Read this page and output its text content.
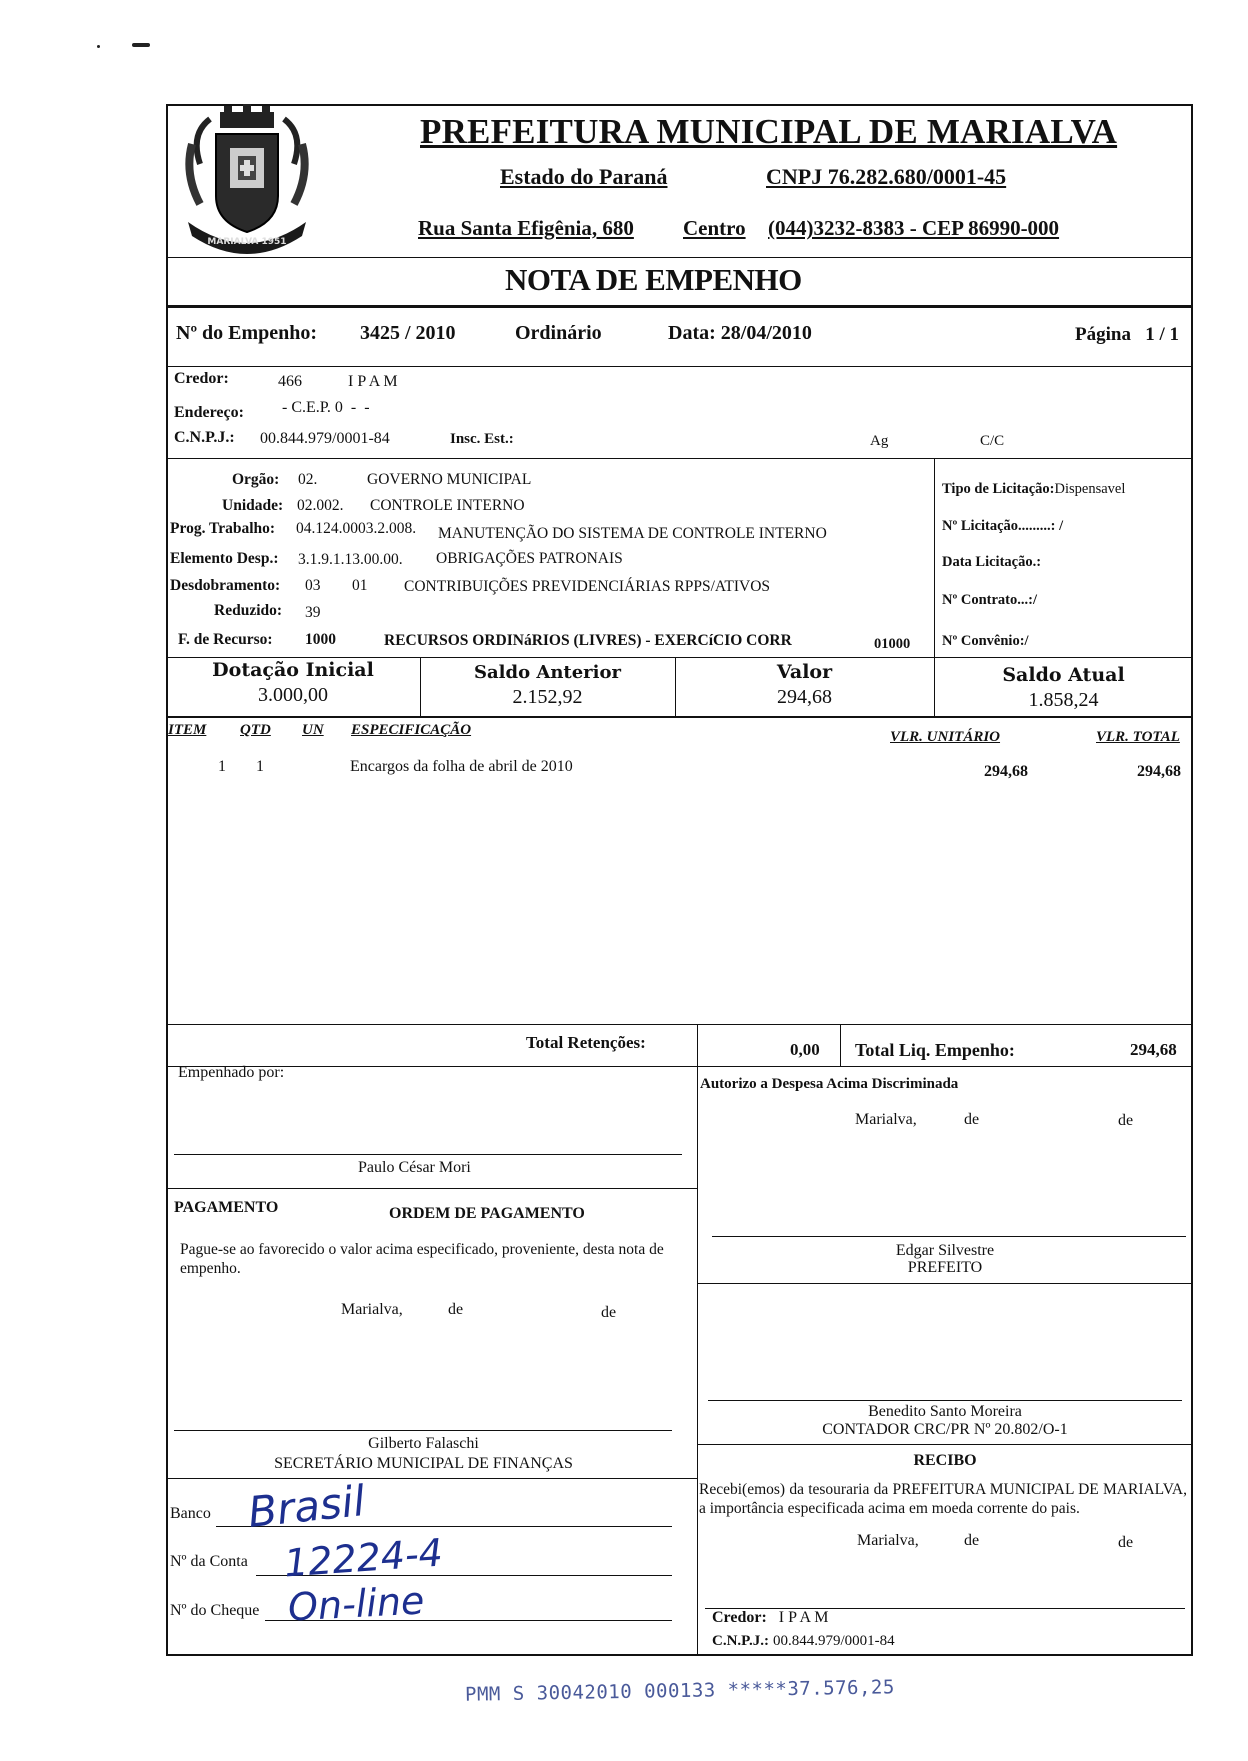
MARIALVA 1951
PREFEITURA MUNICIPAL DE MARIALVA
Estado do Paraná	CNPJ 76.282.680/0001-45
Rua Santa Efigênia, 680 Centro (044)3232-8383 - CEP 86990-000
NOTA DE EMPENHO
Nº do Empenho: 3425 / 2010	Ordinário	Data: 28/04/2010	Página   1 / 1
Credor:	466	I P A M
Endereço: - C.E.P. 0  -  -
C.N.P.J.: 00.844.979/0001-84	Insc. Est.:	Ag	C/C
Orgão: 02.	GOVERNO MUNICIPAL
Unidade: 02.002. CONTROLE INTERNO
Prog. Trabalho: 04.124.0003.2.008. MANUTENÇÃO DO SISTEMA DE CONTROLE INTERNO
Elemento Desp.: 3.1.9.1.13.00.00. OBRIGAÇÕES PATRONAIS
Desdobramento: 03 01 CONTRIBUIÇÕES PREVIDENCIÁRIAS RPPS/ATIVOS
Reduzido: 39
F. de Recurso: 1000	RECURSOS ORDINáRIOS (LIVRES) - EXERCíCIO CORR	01000
Tipo de Licitação:Dispensavel
Nº Licitação.........: /
Data Licitação.:
Nº Contrato...:/
Nº Convênio:/
Dotação Inicial
3.000,00
Saldo Anterior
2.152,92
Valor
294,68
Saldo Atual
1.858,24
ITEM QTD UN ESPECIFICAÇÃO	VLR. UNITÁRIO	VLR. TOTAL
1 1	Encargos da folha de abril de 2010	294,68	294,68
Total Retenções:	0,00 Total Liq. Empenho:	294,68
Empenhado por:
Paulo César Mori
Autorizo a Despesa Acima Discriminada
Marialva,	de	de
PAGAMENTO	ORDEM DE PAGAMENTO
Pague-se ao favorecido o valor acima especificado, proveniente, desta nota de empenho.
Marialva,	de	de
Edgar Silvestre
PREFEITO
Benedito Santo Moreira
CONTADOR CRC/PR Nº 20.802/O-1
Gilberto Falaschi
SECRETÁRIO MUNICIPAL DE FINANÇAS	RECIBO
Recebi(emos) da tesouraria da PREFEITURA MUNICIPAL DE MARIALVA, a importância especificada acima em moeda corrente do pais.
Marialva,	de	de
Banco Brasil
Nº da Conta 12224-4
Nº do Cheque On-line	Credor: I P A M
C.N.P.J.: 00.844.979/0001-84
PMM S 30042010 000133 *****37.576,25
